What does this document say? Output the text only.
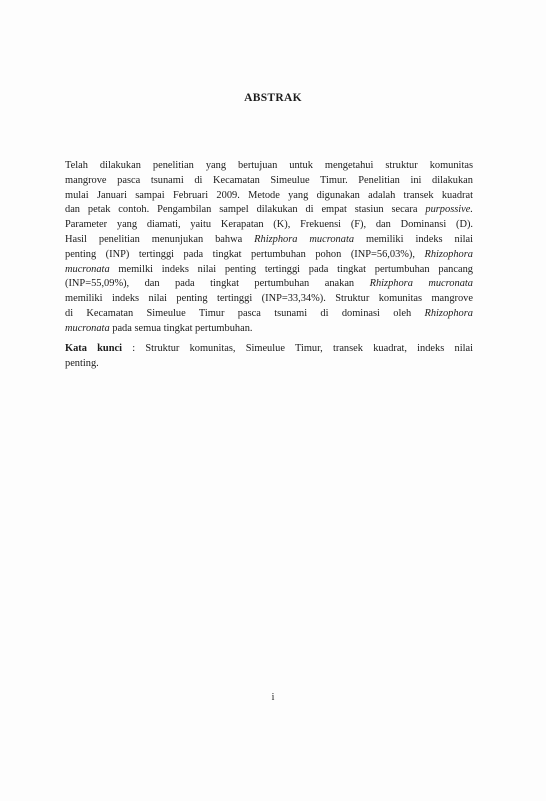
ABSTRAK
Telah dilakukan penelitian yang bertujuan untuk mengetahui struktur komunitas
mangrove pasca tsunami di Kecamatan Simeulue Timur. Penelitian ini dilakukan
mulai Januari sampai Februari 2009. Metode yang digunakan adalah transek kuadrat
dan petak contoh. Pengambilan sampel dilakukan di empat stasiun secara purpossive.
Parameter yang diamati, yaitu Kerapatan (K), Frekuensi (F), dan Dominansi (D).
Hasil penelitian menunjukan bahwa Rhizphora mucronata memiliki indeks nilai
penting (INP) tertinggi pada tingkat pertumbuhan pohon (INP=56,03%), Rhizophora
mucronata memilki indeks nilai penting tertinggi pada tingkat pertumbuhan pancang
(INP=55,09%), dan pada tingkat pertumbuhan anakan Rhizphora mucronata
memiliki indeks nilai penting tertinggi (INP=33,34%). Struktur komunitas mangrove
di Kecamatan Simeulue Timur pasca tsunami di dominasi oleh Rhizophora
mucronata pada semua tingkat pertumbuhan.
Kata kunci : Struktur komunitas, Simeulue Timur, transek kuadrat, indeks nilai
penting.
i
